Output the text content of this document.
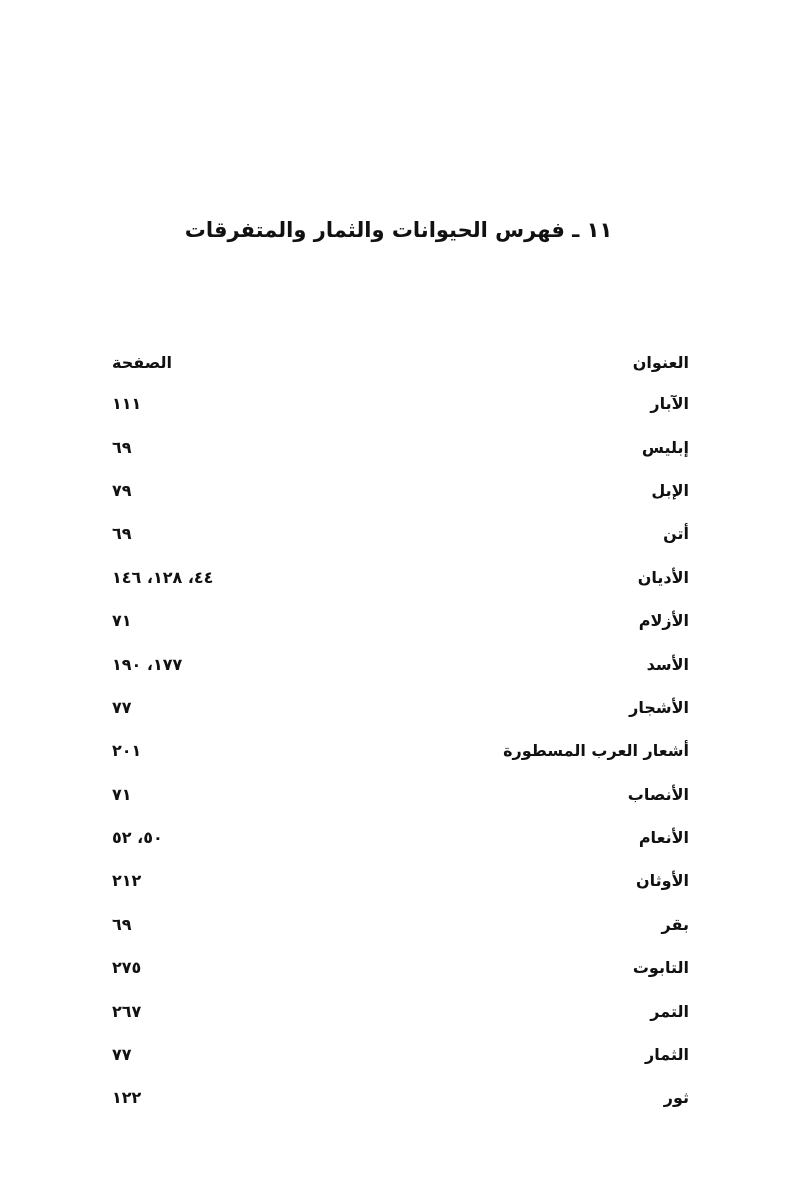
١١ ـ فهرس الحيوانات والثمار والمتفرقات
العنوان
الصفحة
الآبار
١١١
إبليس
٦٩
الإبل
٧٩
أتن
٦٩
الأديان
٤٤، ١٢٨، ١٤٦
الأزلام
٧١
الأسد
١٧٧، ١٩٠
الأشجار
٧٧
أشعار العرب المسطورة
٢٠١
الأنصاب
٧١
الأنعام
٥٠، ٥٢
الأوثان
٢١٢
بقر
٦٩
التابوت
٢٧٥
التمر
٢٦٧
الثمار
٧٧
ثور
١٢٢
